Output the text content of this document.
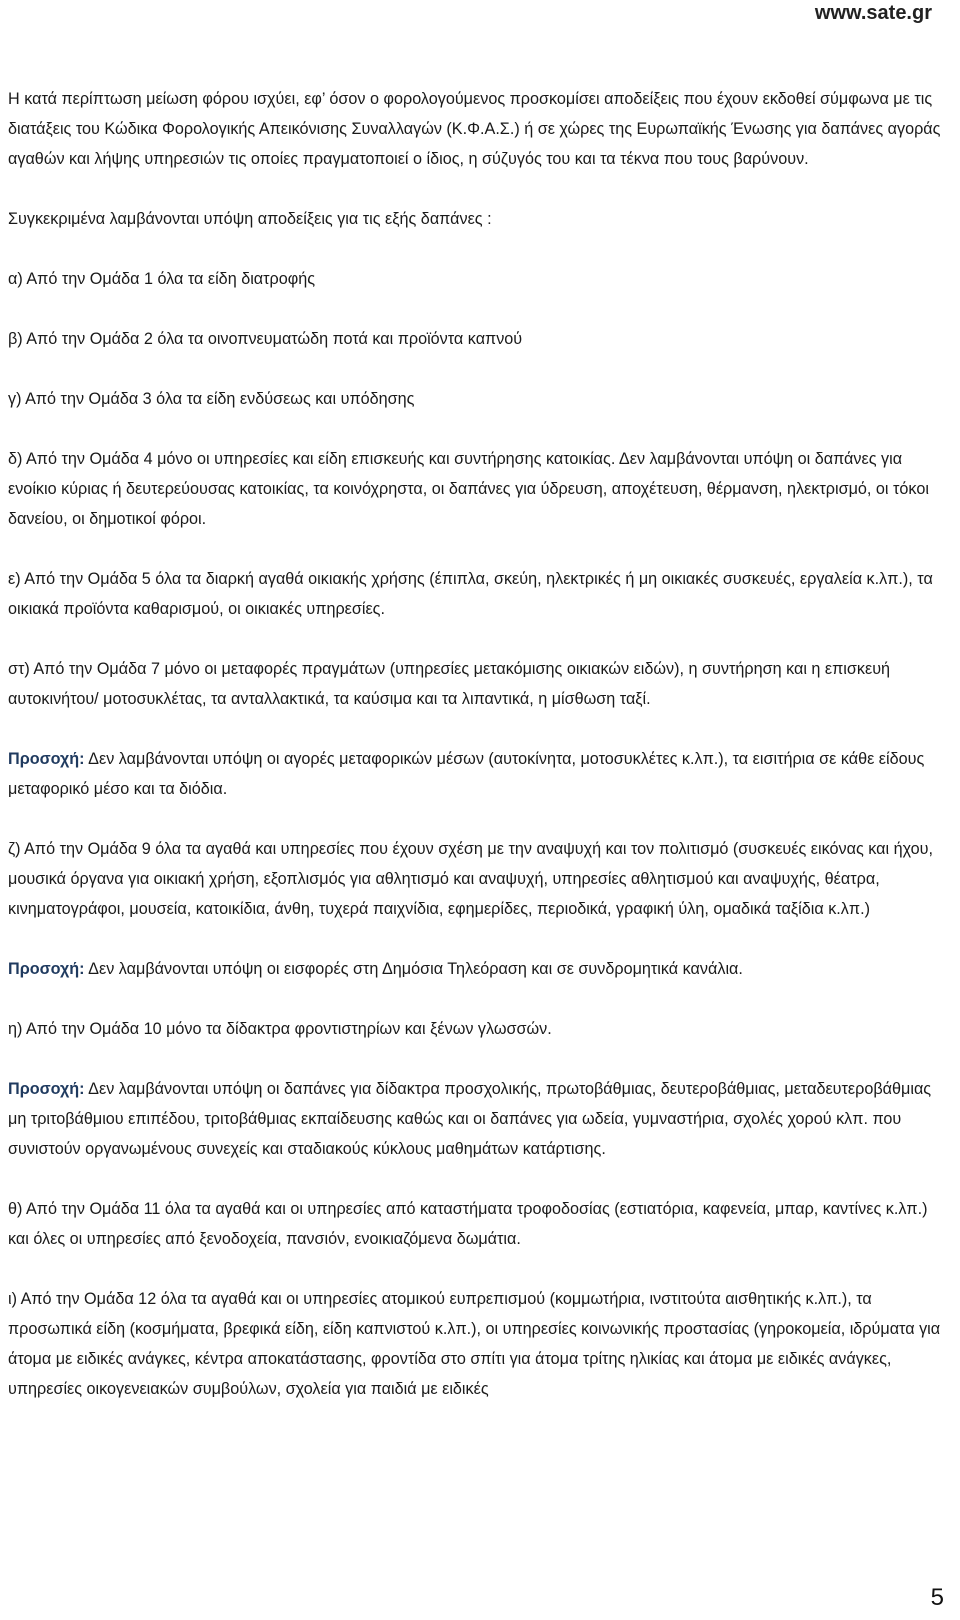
www.sate.gr

Η κατά περίπτωση μείωση φόρου ισχύει, εφ’ όσον ο φορολογούμενος προσκομίσει αποδείξεις που έχουν εκδοθεί σύμφωνα με τις διατάξεις του Κώδικα Φορολογικής Απεικόνισης Συναλλαγών (Κ.Φ.Α.Σ.) ή σε χώρες της Ευρωπαϊκής Ένωσης για δαπάνες αγοράς αγαθών και λήψης υπηρεσιών τις οποίες πραγματοποιεί ο ίδιος, η σύζυγός του και τα τέκνα που τους βαρύνουν.

Συγκεκριμένα λαμβάνονται υπόψη αποδείξεις για τις εξής δαπάνες :

α) Από την Ομάδα 1 όλα τα είδη διατροφής

β) Από την Ομάδα 2 όλα τα οινοπνευματώδη ποτά και προϊόντα καπνού

γ) Από την Ομάδα 3 όλα τα είδη ενδύσεως και υπόδησης

δ) Από την Ομάδα 4 μόνο οι υπηρεσίες και είδη επισκευής και συντήρησης κατοικίας. Δεν λαμβάνονται υπόψη οι δαπάνες για ενοίκιο κύριας ή δευτερεύουσας κατοικίας, τα κοινόχρηστα, οι δαπάνες για ύδρευση, αποχέτευση, θέρμανση, ηλεκτρισμό, οι τόκοι δανείου, οι δημοτικοί φόροι.

ε) Από την Ομάδα 5 όλα τα διαρκή αγαθά οικιακής χρήσης (έπιπλα, σκεύη, ηλεκτρικές ή μη οικιακές συσκευές, εργαλεία κ.λπ.), τα οικιακά προϊόντα καθαρισμού, οι οικιακές υπηρεσίες.

στ) Από την Ομάδα 7 μόνο οι μεταφορές πραγμάτων (υπηρεσίες μετακόμισης οικιακών ειδών), η συντήρηση και η επισκευή αυτοκινήτου/ μοτοσυκλέτας, τα ανταλλακτικά, τα καύσιμα και τα λιπαντικά, η μίσθωση ταξί.

Προσοχή: Δεν λαμβάνονται υπόψη οι αγορές μεταφορικών μέσων (αυτοκίνητα, μοτοσυκλέτες κ.λπ.), τα εισιτήρια σε κάθε είδους μεταφορικό μέσο και τα διόδια.

ζ) Από την Ομάδα 9 όλα τα αγαθά και υπηρεσίες που έχουν σχέση με την αναψυχή και τον πολιτισμό (συσκευές εικόνας και ήχου, μουσικά όργανα για οικιακή χρήση, εξοπλισμός για αθλητισμό και αναψυχή, υπηρεσίες αθλητισμού και αναψυχής, θέατρα, κινηματογράφοι, μουσεία, κατοικίδια, άνθη, τυχερά παιχνίδια, εφημερίδες, περιοδικά, γραφική ύλη, ομαδικά ταξίδια κ.λπ.)

Προσοχή: Δεν λαμβάνονται υπόψη οι εισφορές στη Δημόσια Τηλεόραση και σε συνδρομητικά κανάλια.

η) Από την Ομάδα 10 μόνο τα δίδακτρα φροντιστηρίων και ξένων γλωσσών.

Προσοχή: Δεν λαμβάνονται υπόψη οι δαπάνες για δίδακτρα προσχολικής, πρωτοβάθμιας, δευτεροβάθμιας, μεταδευτεροβάθμιας μη τριτοβάθμιου επιπέδου, τριτοβάθμιας εκπαίδευσης καθώς και οι δαπάνες για ωδεία, γυμναστήρια, σχολές χορού κλπ. που συνιστούν οργανωμένους συνεχείς και σταδιακούς κύκλους μαθημάτων κατάρτισης.

θ) Από την Ομάδα 11 όλα τα αγαθά και οι υπηρεσίες από καταστήματα τροφοδοσίας (εστιατόρια, καφενεία, μπαρ, καντίνες κ.λπ.) και όλες οι υπηρεσίες από ξενοδοχεία, πανσιόν, ενοικιαζόμενα δωμάτια.

ι) Από την Ομάδα 12 όλα τα αγαθά και οι υπηρεσίες ατομικού ευπρεπισμού (κομμωτήρια, ινστιτούτα αισθητικής κ.λπ.), τα προσωπικά είδη (κοσμήματα, βρεφικά είδη, είδη καπνιστού κ.λπ.), οι υπηρεσίες κοινωνικής προστασίας (γηροκομεία, ιδρύματα για άτομα με ειδικές ανάγκες, κέντρα αποκατάστασης, φροντίδα στο σπίτι για άτομα τρίτης ηλικίας και άτομα με ειδικές ανάγκες, υπηρεσίες οικογενειακών συμβούλων, σχολεία για παιδιά με ειδικές

5
